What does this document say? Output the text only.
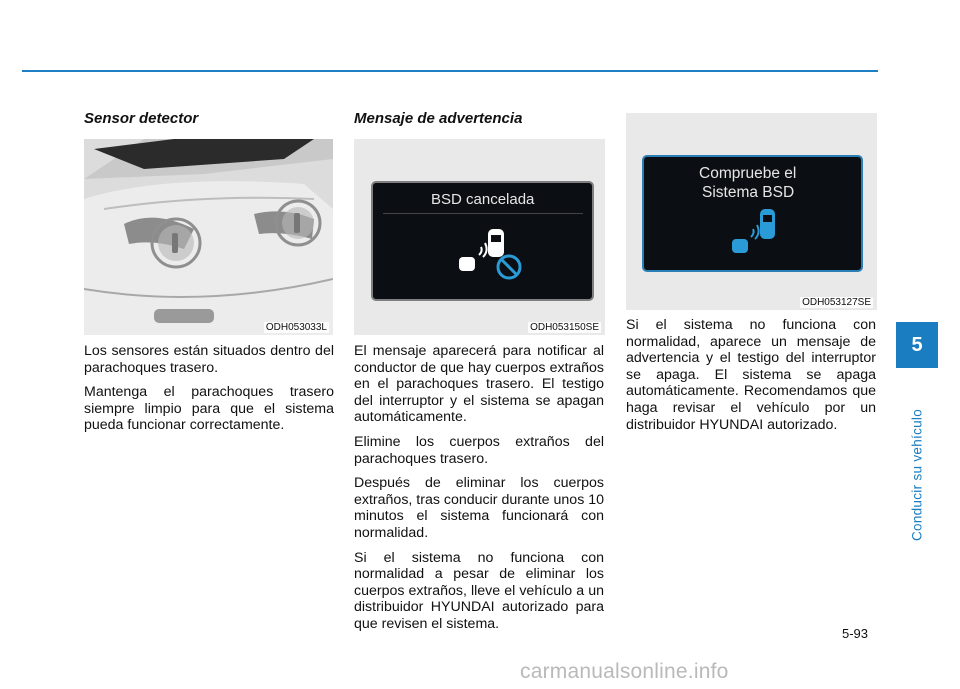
Sensor detector
ODH053033L

Los sensores están situados dentro del parachoques trasero.

Mantenga el parachoques trasero siempre limpio para que el sistema pueda funcionar correctamente.

Mensaje de advertencia
BSD cancelada
ODH053150SE

El mensaje aparecerá para notificar al conductor de que hay cuerpos extraños en el parachoques trasero. El testigo del interruptor y el sistema se apagan automáticamente.

Elimine los cuerpos extraños del parachoques trasero.

Después de eliminar los cuerpos extraños, tras conducir durante unos 10 minutos el sistema funcionará con normalidad.

Si el sistema no funciona con normalidad a pesar de eliminar los cuerpos extraños, lleve el vehículo a un distribuidor HYUNDAI autorizado para que revisen el sistema.

Compruebe el
Sistema BSD
ODH053127SE

Si el sistema no funciona con normalidad, aparece un mensaje de advertencia y el testigo del interruptor se apaga. El sistema se apaga automáticamente. Recomendamos que haga revisar el vehículo por un distribuidor HYUNDAI autorizado.

5
Conducir su vehículo
5-93
carmanualsonline.info
